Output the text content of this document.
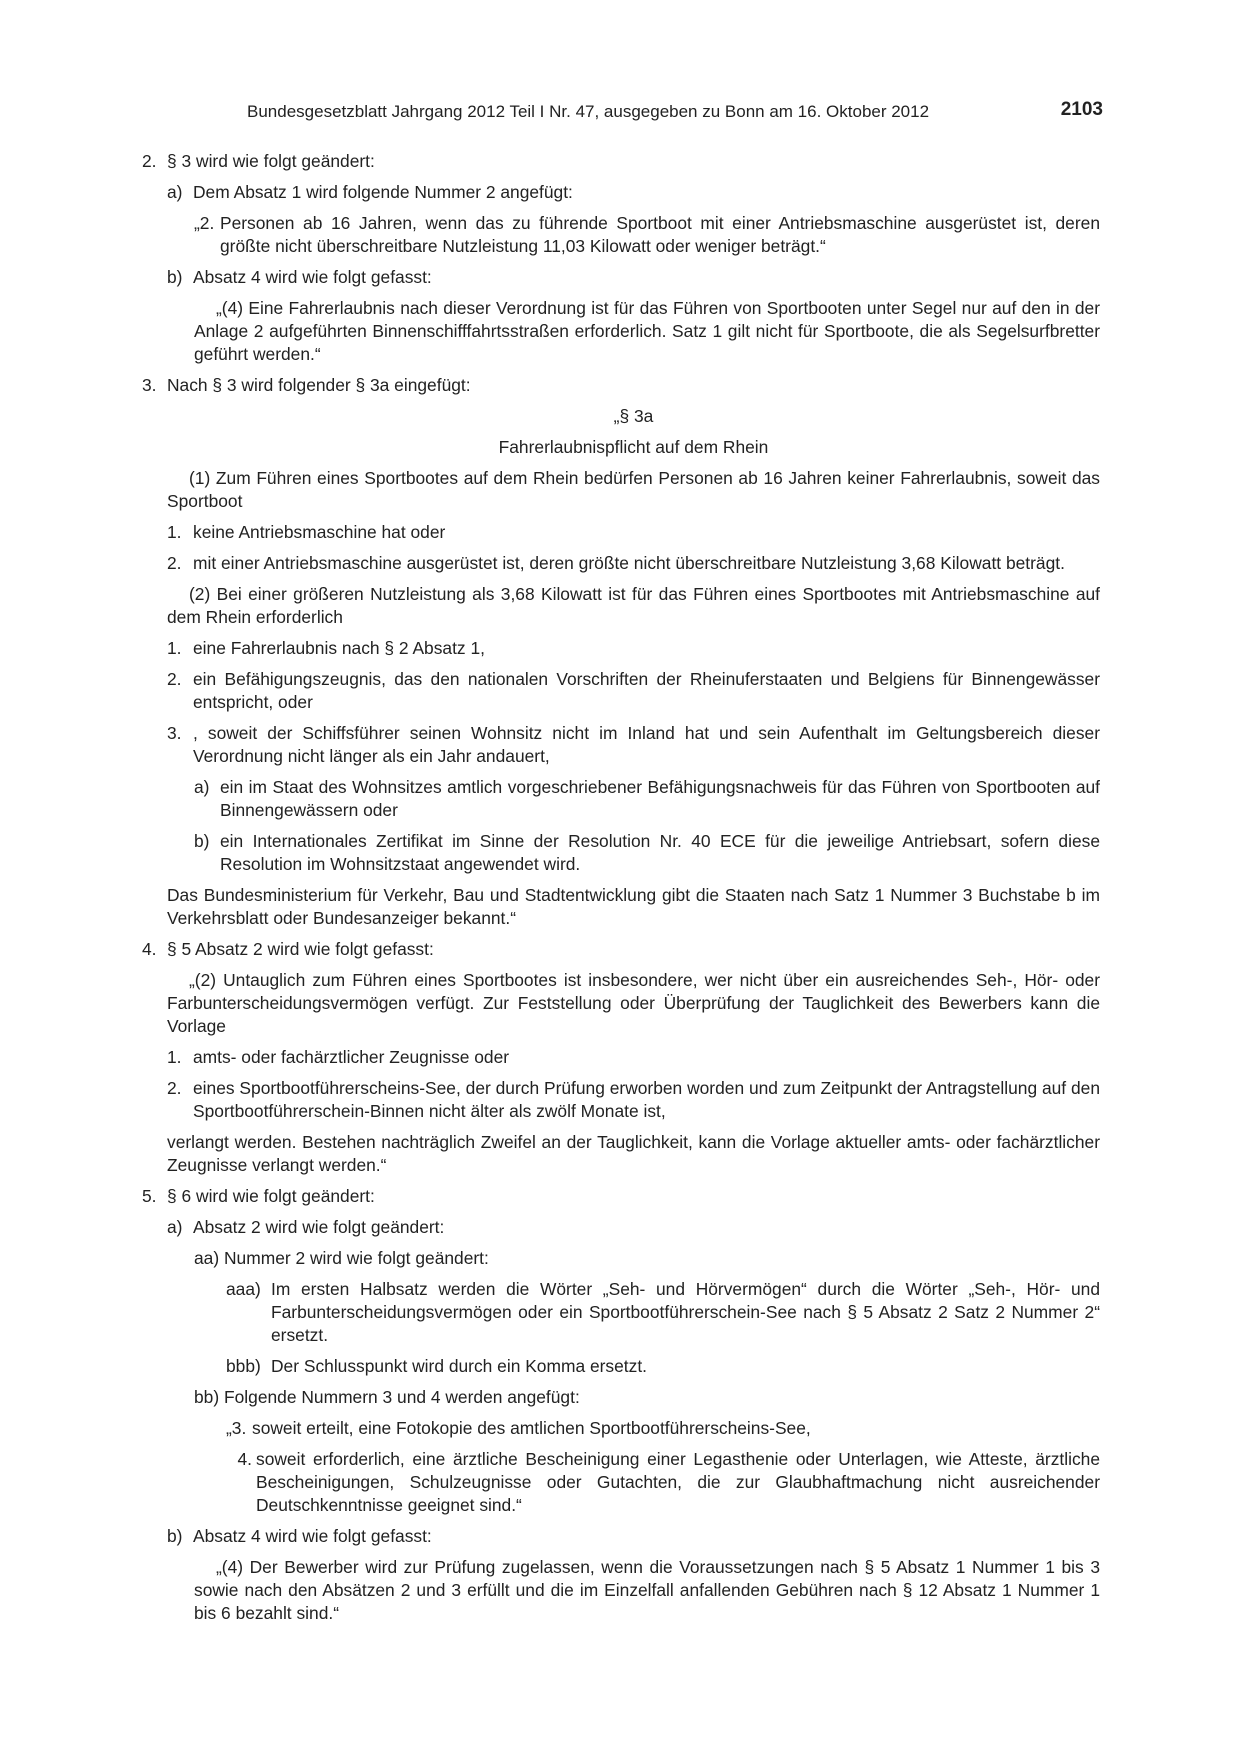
Bundesgesetzblatt Jahrgang 2012 Teil I Nr. 47, ausgegeben zu Bonn am 16. Oktober 2012	2103
2. § 3 wird wie folgt geändert:
a) Dem Absatz 1 wird folgende Nummer 2 angefügt:
„2. Personen ab 16 Jahren, wenn das zu führende Sportboot mit einer Antriebsmaschine ausgerüstet ist, deren größte nicht überschreitbare Nutzleistung 11,03 Kilowatt oder weniger beträgt.“
b) Absatz 4 wird wie folgt gefasst:

„(4) Eine Fahrerlaubnis nach dieser Verordnung ist für das Führen von Sportbooten unter Segel nur auf den in der Anlage 2 aufgeführten Binnenschifffahrtsstraßen erforderlich. Satz 1 gilt nicht für Sportboote, die als Segelsurfbretter geführt werden.“

3. Nach § 3 wird folgender § 3a eingefügt:

„§ 3a

Fahrerlaubnispflicht auf dem Rhein

(1) Zum Führen eines Sportbootes auf dem Rhein bedürfen Personen ab 16 Jahren keiner Fahrerlaubnis, soweit das Sportboot

1. keine Antriebsmaschine hat oder
2. mit einer Antriebsmaschine ausgerüstet ist, deren größte nicht überschreitbare Nutzleistung 3,68 Kilowatt beträgt.

(2) Bei einer größeren Nutzleistung als 3,68 Kilowatt ist für das Führen eines Sportbootes mit Antriebsmaschine auf dem Rhein erforderlich

1. eine Fahrerlaubnis nach § 2 Absatz 1,
2. ein Befähigungszeugnis, das den nationalen Vorschriften der Rheinuferstaaten und Belgiens für Binnengewässer entspricht, oder
3. , soweit der Schiffsführer seinen Wohnsitz nicht im Inland hat und sein Aufenthalt im Geltungsbereich dieser Verordnung nicht länger als ein Jahr andauert,
a) ein im Staat des Wohnsitzes amtlich vorgeschriebener Befähigungsnachweis für das Führen von Sportbooten auf Binnengewässern oder
b) ein Internationales Zertifikat im Sinne der Resolution Nr. 40 ECE für die jeweilige Antriebsart, sofern diese Resolution im Wohnsitzstaat angewendet wird.

Das Bundesministerium für Verkehr, Bau und Stadtentwicklung gibt die Staaten nach Satz 1 Nummer 3 Buchstabe b im Verkehrsblatt oder Bundesanzeiger bekannt.“

4. § 5 Absatz 2 wird wie folgt gefasst:

„(2) Untauglich zum Führen eines Sportbootes ist insbesondere, wer nicht über ein ausreichendes Seh-, Hör- oder Farbunterscheidungsvermögen verfügt. Zur Feststellung oder Überprüfung der Tauglichkeit des Bewerbers kann die Vorlage

1. amts- oder fachärztlicher Zeugnisse oder
2. eines Sportbootführerscheins-See, der durch Prüfung erworben worden und zum Zeitpunkt der Antragstellung auf den Sportbootführerschein-Binnen nicht älter als zwölf Monate ist,

verlangt werden. Bestehen nachträglich Zweifel an der Tauglichkeit, kann die Vorlage aktueller amts- oder fachärztlicher Zeugnisse verlangt werden.“

5. § 6 wird wie folgt geändert:
a) Absatz 2 wird wie folgt geändert:
aa) Nummer 2 wird wie folgt geändert:
aaa) Im ersten Halbsatz werden die Wörter „Seh- und Hörvermögen“ durch die Wörter „Seh-, Hör- und Farbunterscheidungsvermögen oder ein Sportbootführerschein-See nach § 5 Absatz 2 Satz 2 Nummer 2“ ersetzt.
bbb) Der Schlusspunkt wird durch ein Komma ersetzt.
bb) Folgende Nummern 3 und 4 werden angefügt:
„3. soweit erteilt, eine Fotokopie des amtlichen Sportbootführerscheins-See,
4. soweit erforderlich, eine ärztliche Bescheinigung einer Legasthenie oder Unterlagen, wie Atteste, ärztliche Bescheinigungen, Schulzeugnisse oder Gutachten, die zur Glaubhaftmachung nicht ausreichender Deutschkenntnisse geeignet sind.“
b) Absatz 4 wird wie folgt gefasst:

„(4) Der Bewerber wird zur Prüfung zugelassen, wenn die Voraussetzungen nach § 5 Absatz 1 Nummer 1 bis 3 sowie nach den Absätzen 2 und 3 erfüllt und die im Einzelfall anfallenden Gebühren nach § 12 Absatz 1 Nummer 1 bis 6 bezahlt sind.“
